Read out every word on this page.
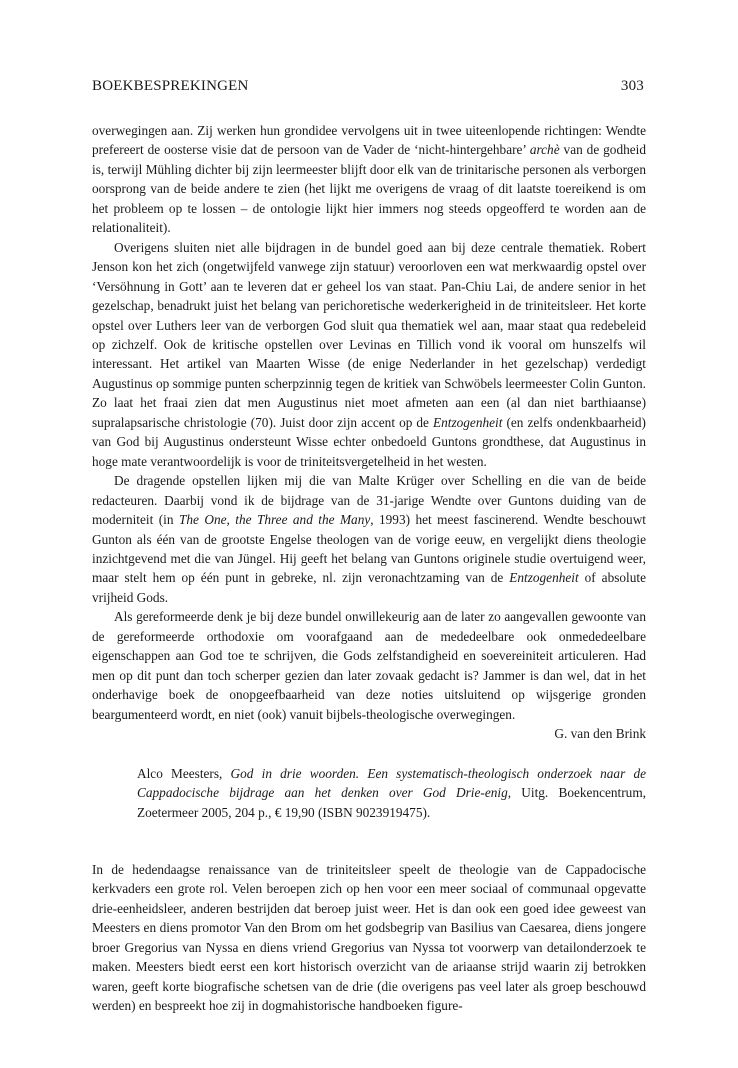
BOEKBESPREKINGEN	303

overwegingen aan. Zij werken hun grondidee vervolgens uit in twee uiteenlopende richtingen: Wendte prefereert de oosterse visie dat de persoon van de Vader de ‘nicht-hintergehbare’ archè van de godheid is, terwijl Mühling dichter bij zijn leermeester blijft door elk van de trinitarische personen als verborgen oorsprong van de beide andere te zien (het lijkt me overigens de vraag of dit laatste toereikend is om het probleem op te lossen – de ontologie lijkt hier immers nog steeds opgeofferd te worden aan de relationaliteit).

Overigens sluiten niet alle bijdragen in de bundel goed aan bij deze centrale thematiek. Robert Jenson kon het zich (ongetwijfeld vanwege zijn statuur) veroorloven een wat merkwaardig opstel over ‘Versöhnung in Gott’ aan te leveren dat er geheel los van staat. Pan-Chiu Lai, de andere senior in het gezelschap, benadrukt juist het belang van perichoretische wederkerigheid in de triniteitsleer. Het korte opstel over Luthers leer van de verborgen God sluit qua thematiek wel aan, maar staat qua redebeleid op zichzelf. Ook de kritische opstellen over Levinas en Tillich vond ik vooral om hunszelfs wil interessant. Het artikel van Maarten Wisse (de enige Nederlander in het gezelschap) verdedigt Augustinus op sommige punten scherpzinnig tegen de kritiek van Schwöbels leermeester Colin Gunton. Zo laat het fraai zien dat men Augustinus niet moet afmeten aan een (al dan niet barthiaanse) supralapsarische christologie (70). Juist door zijn accent op de Entzogenheit (en zelfs ondenkbaarheid) van God bij Augustinus ondersteunt Wisse echter onbedoeld Guntons grondthese, dat Augustinus in hoge mate verantwoordelijk is voor de triniteitsvergetelheid in het westen.

De dragende opstellen lijken mij die van Malte Krüger over Schelling en die van de beide redacteuren. Daarbij vond ik de bijdrage van de 31-jarige Wendte over Guntons duiding van de moderniteit (in The One, the Three and the Many, 1993) het meest fascinerend. Wendte beschouwt Gunton als één van de grootste Engelse theologen van de vorige eeuw, en vergelijkt diens theologie inzichtgevend met die van Jüngel. Hij geeft het belang van Guntons originele studie overtuigend weer, maar stelt hem op één punt in gebreke, nl. zijn veronachtzaming van de Entzogenheit of absolute vrijheid Gods.

Als gereformeerde denk je bij deze bundel onwillekeurig aan de later zo aangevallen gewoonte van de gereformeerde orthodoxie om voorafgaand aan de mededeelbare ook onmededeelbare eigenschappen aan God toe te schrijven, die Gods zelfstandigheid en soevereiniteit articuleren. Had men op dit punt dan toch scherper gezien dan later zovaak gedacht is? Jammer is dan wel, dat in het onderhavige boek de onopgeefbaarheid van deze noties uitsluitend op wijsgerige gronden beargumenteerd wordt, en niet (ook) vanuit bijbels-theologische overwegingen.

G. van den Brink

Alco Meesters, God in drie woorden. Een systematisch-theologisch onderzoek naar de Cappadocische bijdrage aan het denken over God Drie-enig, Uitg. Boekencentrum, Zoetermeer 2005, 204 p., € 19,90 (ISBN 9023919475).

In de hedendaagse renaissance van de triniteitsleer speelt de theologie van de Cappadocische kerkvaders een grote rol. Velen beroepen zich op hen voor een meer sociaal of communaal opgevatte drie-eenheidsleer, anderen bestrijden dat beroep juist weer. Het is dan ook een goed idee geweest van Meesters en diens promotor Van den Brom om het godsbegrip van Basilius van Caesarea, diens jongere broer Gregorius van Nyssa en diens vriend Gregorius van Nyssa tot voorwerp van detailonderzoek te maken. Meesters biedt eerst een kort historisch overzicht van de ariaanse strijd waarin zij betrokken waren, geeft korte biografische schetsen van de drie (die overigens pas veel later als groep beschouwd werden) en bespreekt hoe zij in dogmahistorische handboeken figure-
